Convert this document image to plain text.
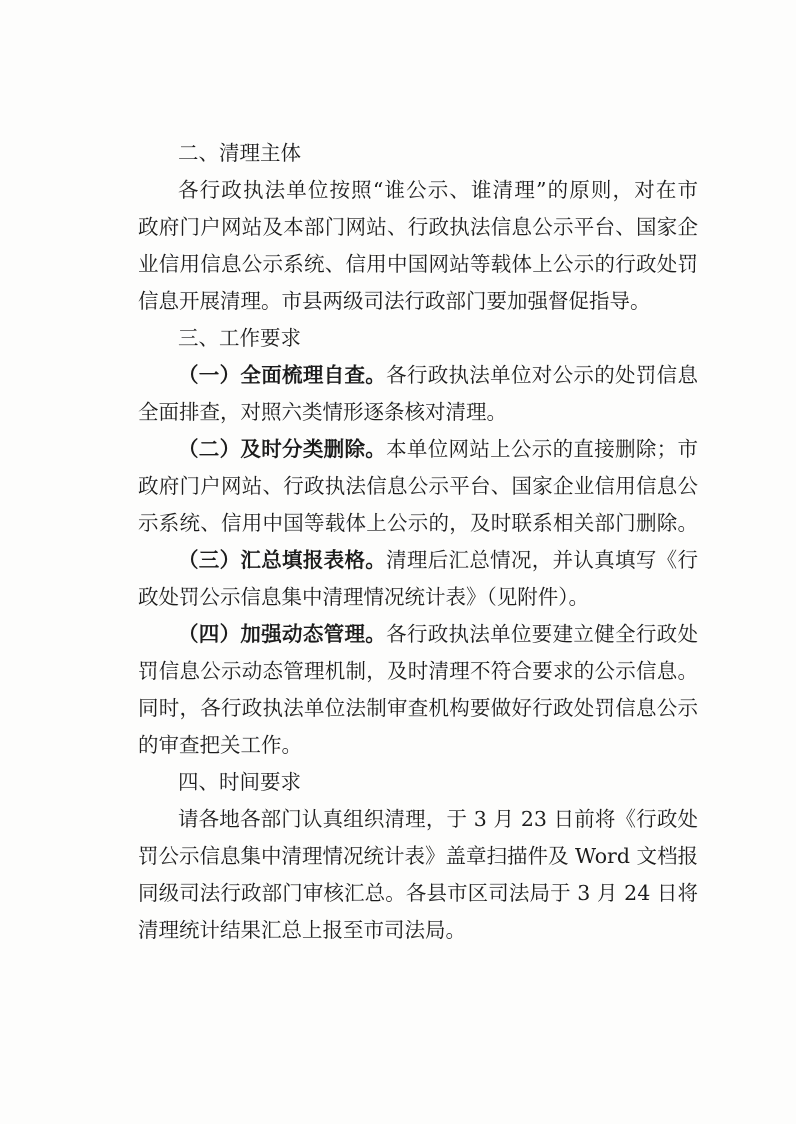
二、清理主体

各行政执法单位按照“谁公示、谁清理”的原则，对在市

政府门户网站及本部门网站、行政执法信息公示平台、国家企

业信用信息公示系统、信用中国网站等载体上公示的行政处罚

信息开展清理。市县两级司法行政部门要加强督促指导。

三、工作要求

（一）全面梳理自查。各行政执法单位对公示的处罚信息

全面排查，对照六类情形逐条核对清理。

（二）及时分类删除。本单位网站上公示的直接删除；市

政府门户网站、行政执法信息公示平台、国家企业信用信息公

示系统、信用中国等载体上公示的，及时联系相关部门删除。

（三）汇总填报表格。清理后汇总情况，并认真填写《行

政处罚公示信息集中清理情况统计表》（见附件）。

（四）加强动态管理。各行政执法单位要建立健全行政处

罚信息公示动态管理机制，及时清理不符合要求的公示信息。

同时，各行政执法单位法制审查机构要做好行政处罚信息公示

的审查把关工作。

四、时间要求

请各地各部门认真组织清理，于 3 月 23 日前将《行政处

罚公示信息集中清理情况统计表》盖章扫描件及 Word 文档报

同级司法行政部门审核汇总。各县市区司法局于 3 月 24 日将

清理统计结果汇总上报至市司法局。
